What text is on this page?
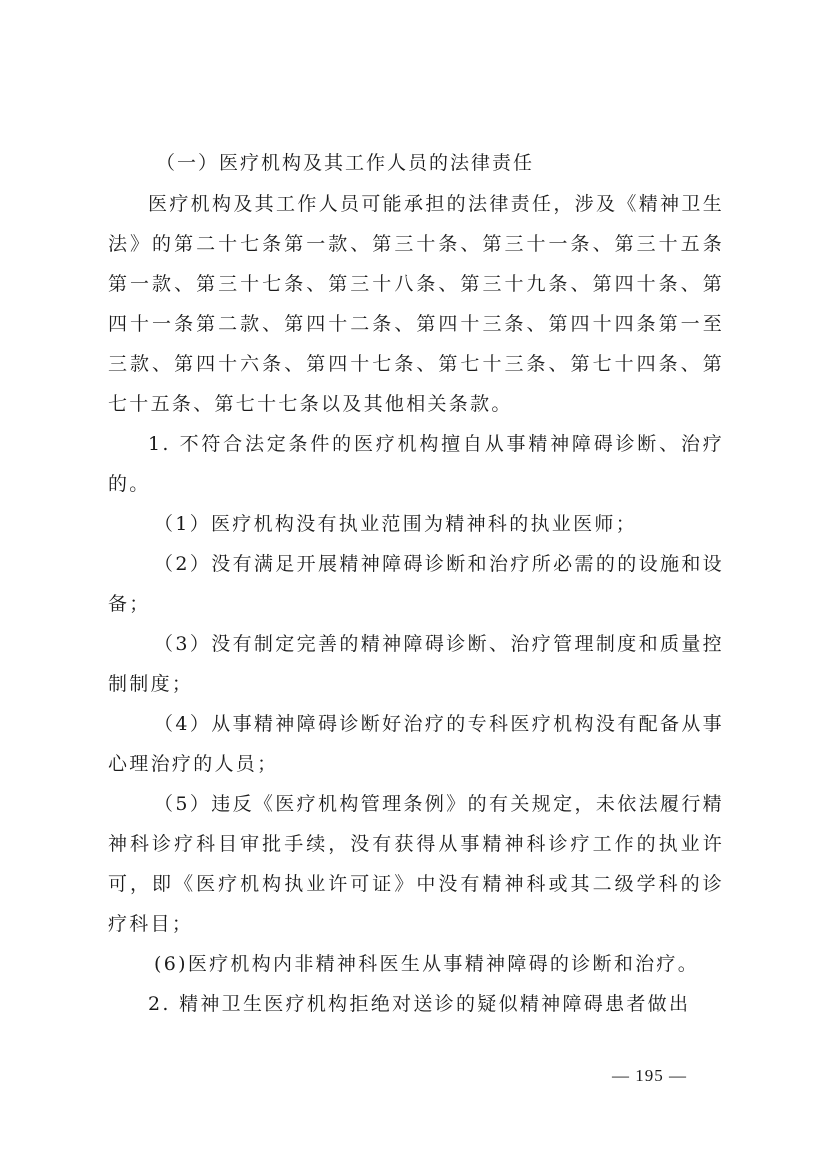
（一）医疗机构及其工作人员的法律责任

医疗机构及其工作人员可能承担的法律责任，涉及《精神卫生法》的第二十七条第一款、第三十条、第三十一条、第三十五条第一款、第三十七条、第三十八条、第三十九条、第四十条、第四十一条第二款、第四十二条、第四十三条、第四十四条第一至三款、第四十六条、第四十七条、第七十三条、第七十四条、第七十五条、第七十七条以及其他相关条款。

1. 不符合法定条件的医疗机构擅自从事精神障碍诊断、治疗的。

（1）医疗机构没有执业范围为精神科的执业医师；

（2）没有满足开展精神障碍诊断和治疗所必需的的设施和设备；

（3）没有制定完善的精神障碍诊断、治疗管理制度和质量控制制度；

（4）从事精神障碍诊断好治疗的专科医疗机构没有配备从事心理治疗的人员；

（5）违反《医疗机构管理条例》的有关规定，未依法履行精神科诊疗科目审批手续，没有获得从事精神科诊疗工作的执业许可，即《医疗机构执业许可证》中没有精神科或其二级学科的诊疗科目；

(6)医疗机构内非精神科医生从事精神障碍的诊断和治疗。

2. 精神卫生医疗机构拒绝对送诊的疑似精神障碍患者做出

— 195 —
